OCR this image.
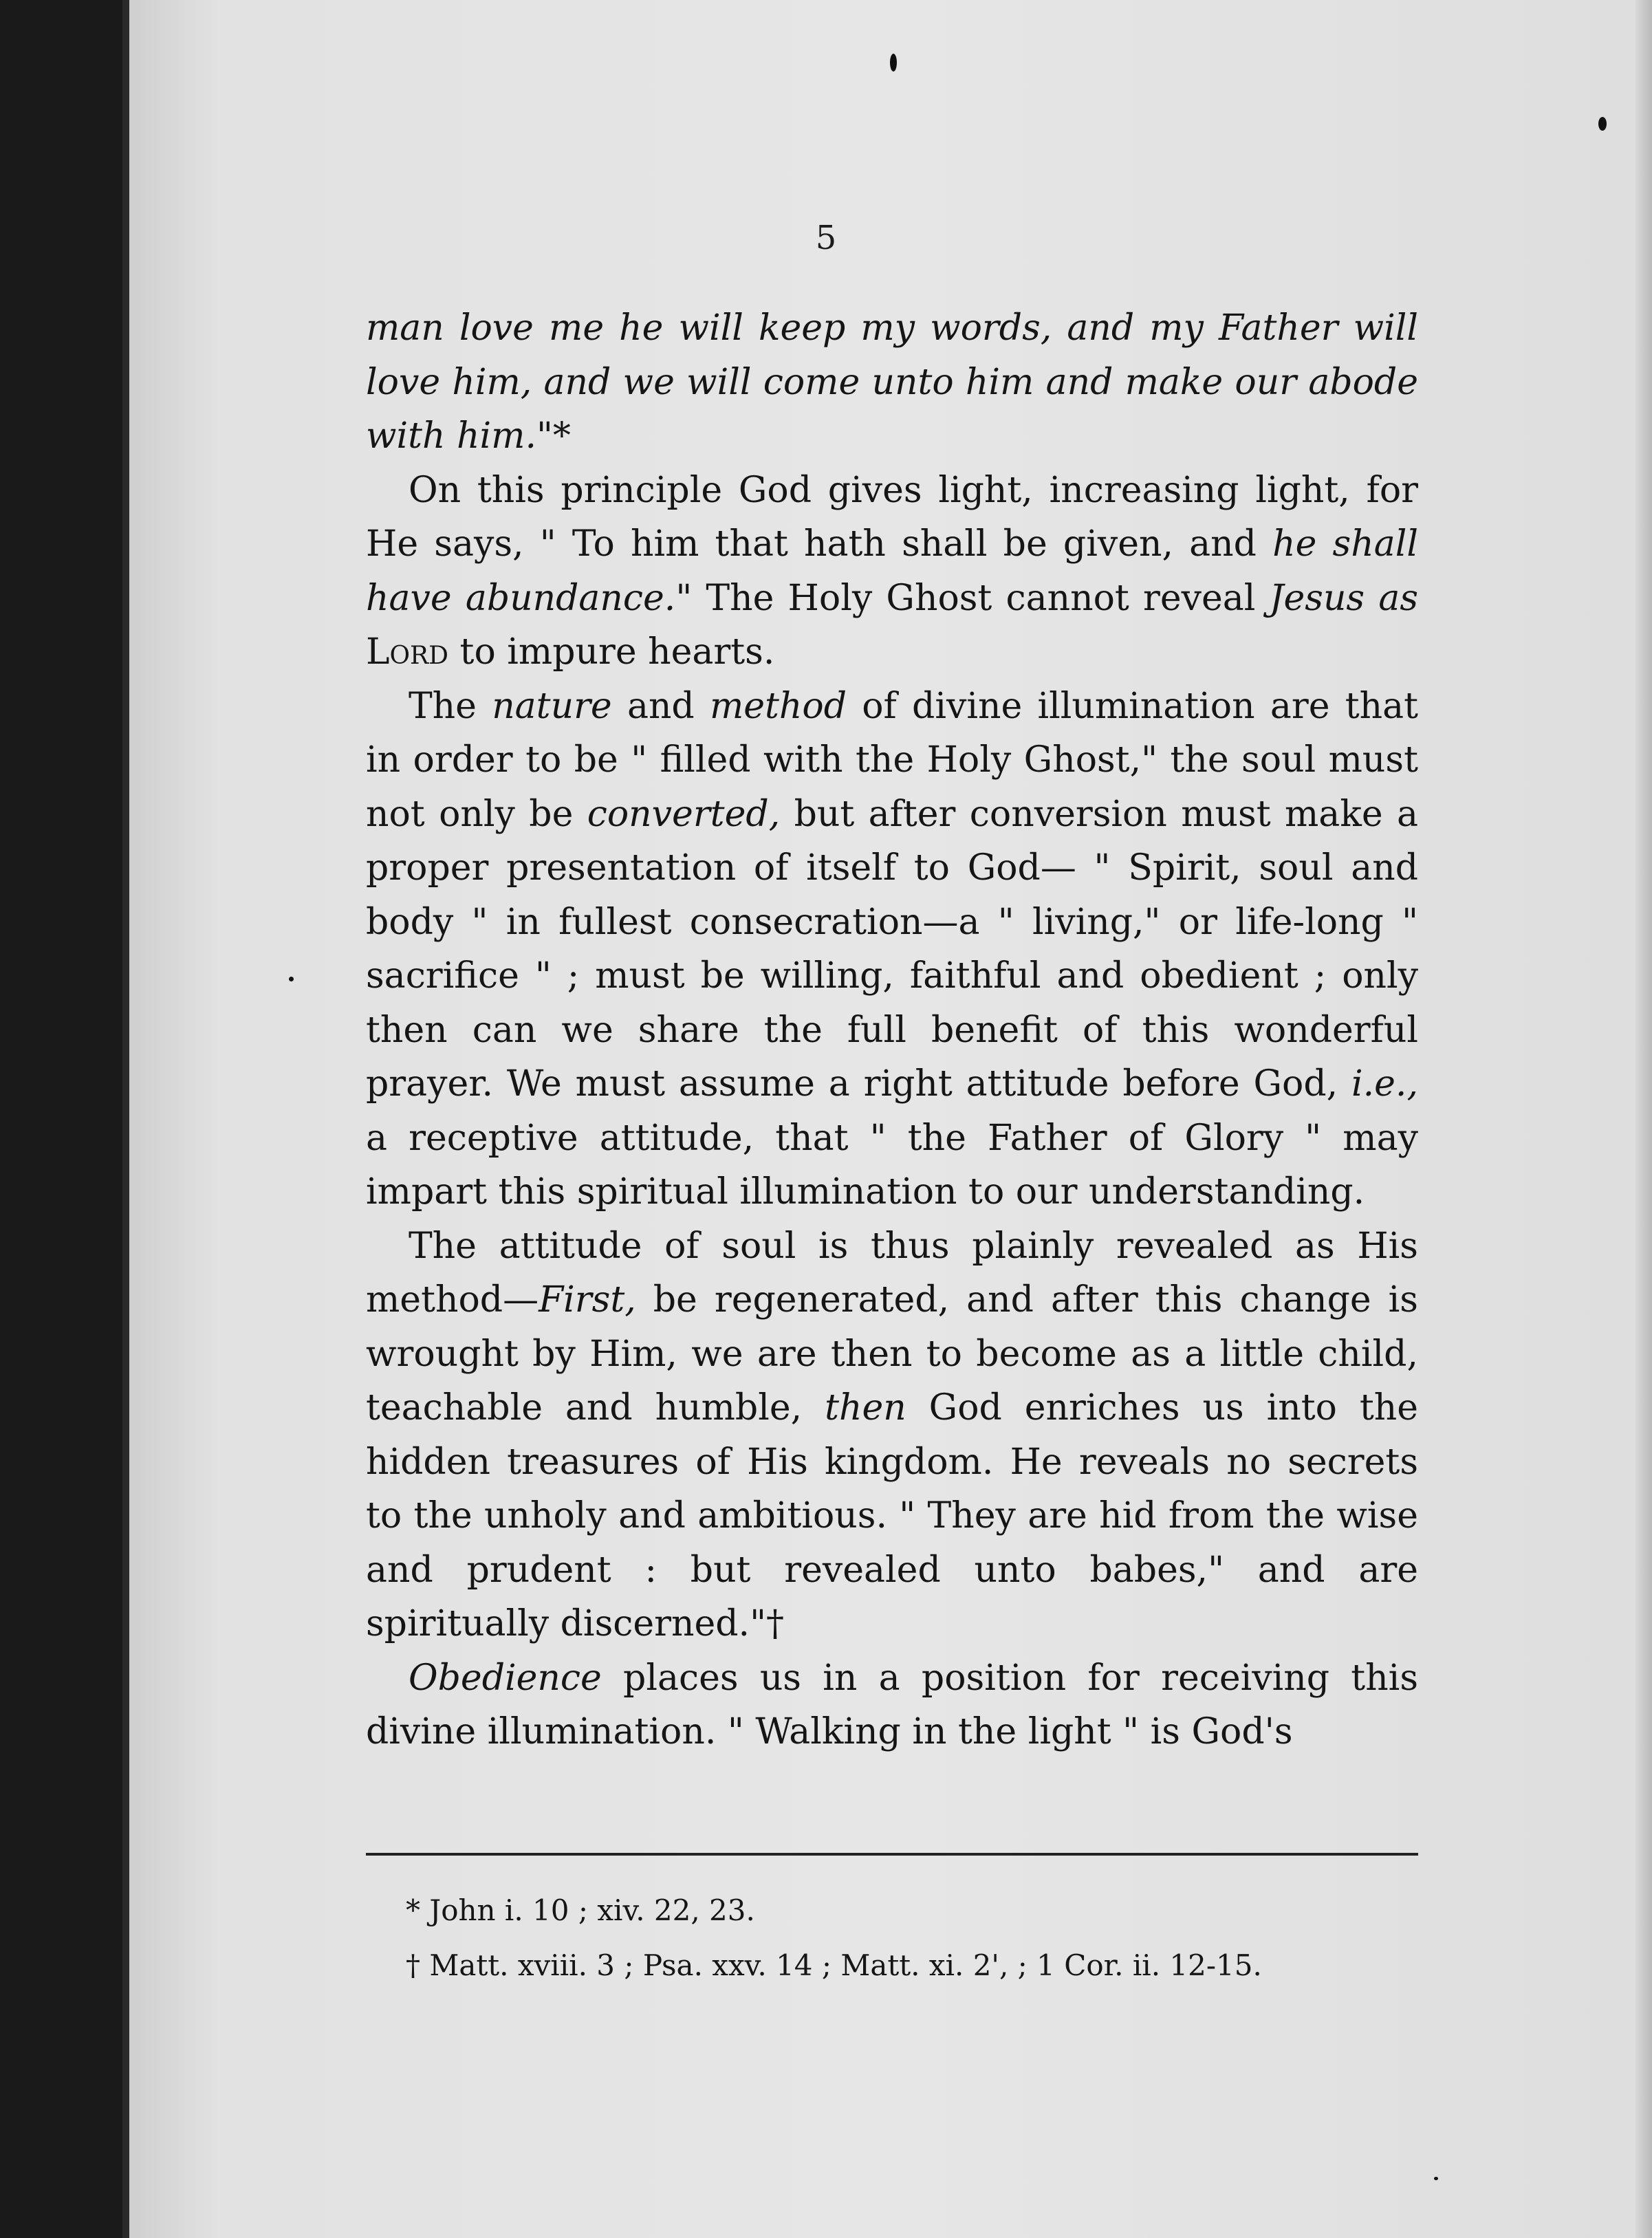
5

man love me he will keep my words, and my Father will love him, and we will come unto him and make our abode with him."*

On this principle God gives light, increasing light, for He says, " To him that hath shall be given, and he shall have abundance." The Holy Ghost cannot reveal Jesus as Lord to impure hearts.

The nature and method of divine illumination are that in order to be " filled with the Holy Ghost," the soul must not only be converted, but after conversion must make a proper presentation of itself to God— " Spirit, soul and body " in fullest consecration—a " living," or life-long " sacrifice " ; must be willing, faithful and obedient ; only then can we share the full benefit of this wonderful prayer. We must assume a right attitude before God, i.e., a receptive attitude, that " the Father of Glory " may impart this spiritual illumination to our understanding.

The attitude of soul is thus plainly revealed as His method—First, be regenerated, and after this change is wrought by Him, we are then to become as a little child, teachable and humble, then God enriches us into the hidden treasures of His kingdom. He reveals no secrets to the unholy and ambitious. " They are hid from the wise and prudent : but revealed unto babes," and are spiritually discerned."†

Obedience places us in a position for receiving this divine illumination. " Walking in the light " is God's

* John i. 10 ; xiv. 22, 23.

† Matt. xviii. 3 ; Psa. xxv. 14 ; Matt. xi. 2', ; 1 Cor. ii. 12-15.
